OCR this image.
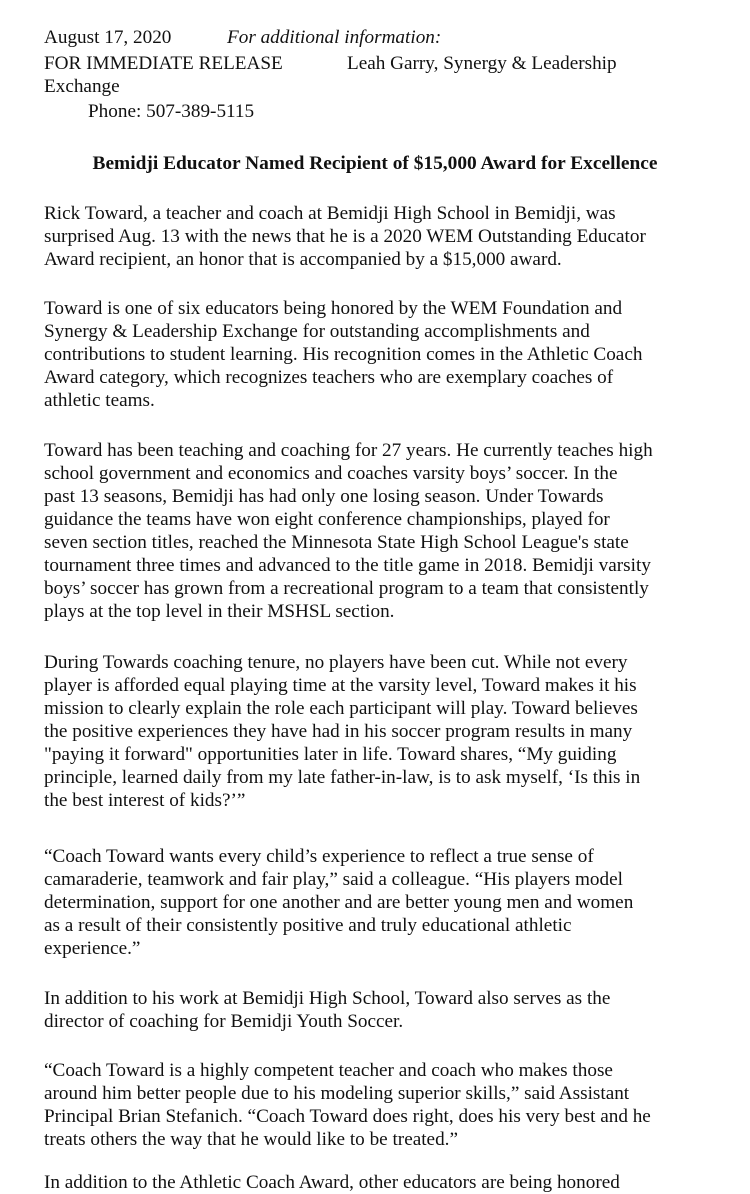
August 17, 2020	For additional information:
FOR IMMEDIATE RELEASE	Leah Garry, Synergy & Leadership
Exchange
Phone: 507-389-5115
Bemidji Educator Named Recipient of $15,000 Award for Excellence
Rick Toward, a teacher and coach at Bemidji High School in Bemidji, was
surprised Aug. 13 with the news that he is a 2020 WEM Outstanding Educator
Award recipient, an honor that is accompanied by a $15,000 award.
Toward is one of six educators being honored by the WEM Foundation and
Synergy & Leadership Exchange for outstanding accomplishments and
contributions to student learning. His recognition comes in the Athletic Coach
Award category, which recognizes teachers who are exemplary coaches of
athletic teams.
Toward has been teaching and coaching for 27 years. He currently teaches high
school government and economics and coaches varsity boys’ soccer. In the
past 13 seasons, Bemidji has had only one losing season. Under Towards
guidance the teams have won eight conference championships, played for
seven section titles, reached the Minnesota State High School League's state
tournament three times and advanced to the title game in 2018. Bemidji varsity
boys’ soccer has grown from a recreational program to a team that consistently
plays at the top level in their MSHSL section.
During Towards coaching tenure, no players have been cut. While not every
player is afforded equal playing time at the varsity level, Toward makes it his
mission to clearly explain the role each participant will play. Toward believes
the positive experiences they have had in his soccer program results in many
"paying it forward" opportunities later in life. Toward shares, “My guiding
principle, learned daily from my late father-in-law, is to ask myself, ‘Is this in
the best interest of kids?’”
“Coach Toward wants every child’s experience to reflect a true sense of
camaraderie, teamwork and fair play,” said a colleague. “His players model
determination, support for one another and are better young men and women
as a result of their consistently positive and truly educational athletic
experience.”
In addition to his work at Bemidji High School, Toward also serves as the
director of coaching for Bemidji Youth Soccer.
“Coach Toward is a highly competent teacher and coach who makes those
around him better people due to his modeling superior skills,” said Assistant
Principal Brian Stefanich. “Coach Toward does right, does his very best and he
treats others the way that he would like to be treated.”
In addition to the Athletic Coach Award, other educators are being honored
